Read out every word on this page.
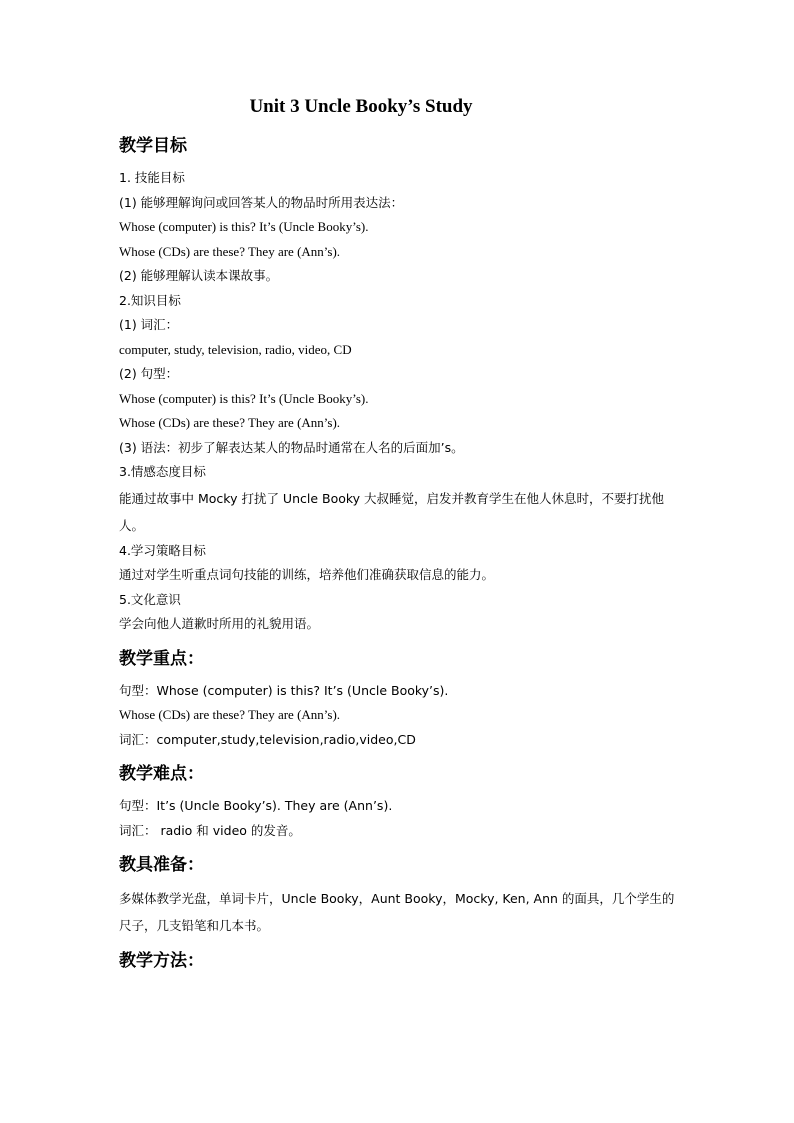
Unit 3 Uncle Booky’s Study
教学目标

1. 技能目标

(1) 能够理解询问或回答某人的物品时所用表达法：

Whose (computer) is this? It’s (Uncle Booky’s).

Whose (CDs) are these? They are (Ann’s).

(2) 能够理解认读本课故事。

2.知识目标

(1) 词汇：

computer, study, television, radio, video, CD

(2) 句型：

Whose (computer) is this? It’s (Uncle Booky’s).

Whose (CDs) are these? They are (Ann’s).

(3) 语法：初步了解表达某人的物品时通常在人名的后面加’s。

3.情感态度目标

能通过故事中 Mocky 打扰了 Uncle Booky 大叔睡觉，启发并教育学生在他人休息时，不要打扰他人。

4.学习策略目标

通过对学生听重点词句技能的训练，培养他们准确获取信息的能力。

5.文化意识

学会向他人道歉时所用的礼貌用语。

教学重点：

句型：Whose (computer) is this? It’s (Uncle Booky’s).

Whose (CDs) are these? They are (Ann’s).

词汇：computer,study,television,radio,video,CD

教学难点：

句型：It’s (Uncle Booky’s). They are (Ann’s).

词汇： radio 和 video 的发音。

教具准备：

多媒体教学光盘，单词卡片，Uncle Booky，Aunt Booky，Mocky, Ken, Ann 的面具，几个学生的尺子，几支铅笔和几本书。

教学方法：
